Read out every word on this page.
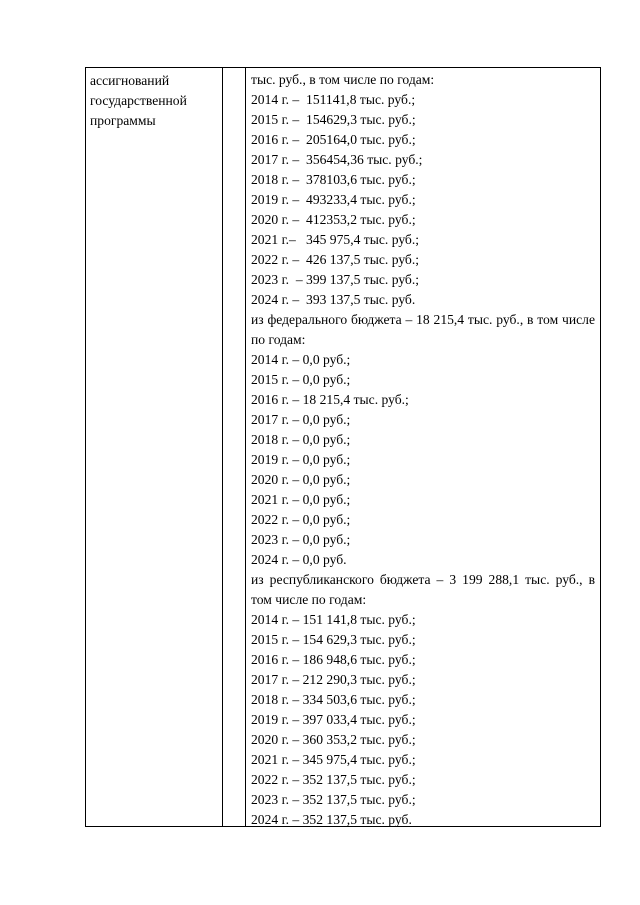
ассигнований
государственной
программы
тыс. руб., в том числе по годам:
2014 г. –  151141,8 тыс. руб.;
2015 г. –  154629,3 тыс. руб.;
2016 г. –  205164,0 тыс. руб.;
2017 г. –  356454,36 тыс. руб.;
2018 г. –  378103,6 тыс. руб.;
2019 г. –  493233,4 тыс. руб.;
2020 г. –  412353,2 тыс. руб.;
2021 г.–   345 975,4 тыс. руб.;
2022 г. –  426 137,5 тыс. руб.;
2023 г.  – 399 137,5 тыс. руб.;
2024 г. –  393 137,5 тыс. руб.
из федерального бюджета – 18 215,4 тыс. руб., в том числе по годам:
2014 г. – 0,0 руб.;
2015 г. – 0,0 руб.;
2016 г. – 18 215,4 тыс. руб.;
2017 г. – 0,0 руб.;
2018 г. – 0,0 руб.;
2019 г. – 0,0 руб.;
2020 г. – 0,0 руб.;
2021 г. – 0,0 руб.;
2022 г. – 0,0 руб.;
2023 г. – 0,0 руб.;
2024 г. – 0,0 руб.
из республиканского бюджета – 3 199 288,1 тыс. руб., в том числе по годам:
2014 г. – 151 141,8 тыс. руб.;
2015 г. – 154 629,3 тыс. руб.;
2016 г. – 186 948,6 тыс. руб.;
2017 г. – 212 290,3 тыс. руб.;
2018 г. – 334 503,6 тыс. руб.;
2019 г. – 397 033,4 тыс. руб.;
2020 г. – 360 353,2 тыс. руб.;
2021 г. – 345 975,4 тыс. руб.;
2022 г. – 352 137,5 тыс. руб.;
2023 г. – 352 137,5 тыс. руб.;
2024 г. – 352 137,5 тыс. руб.
